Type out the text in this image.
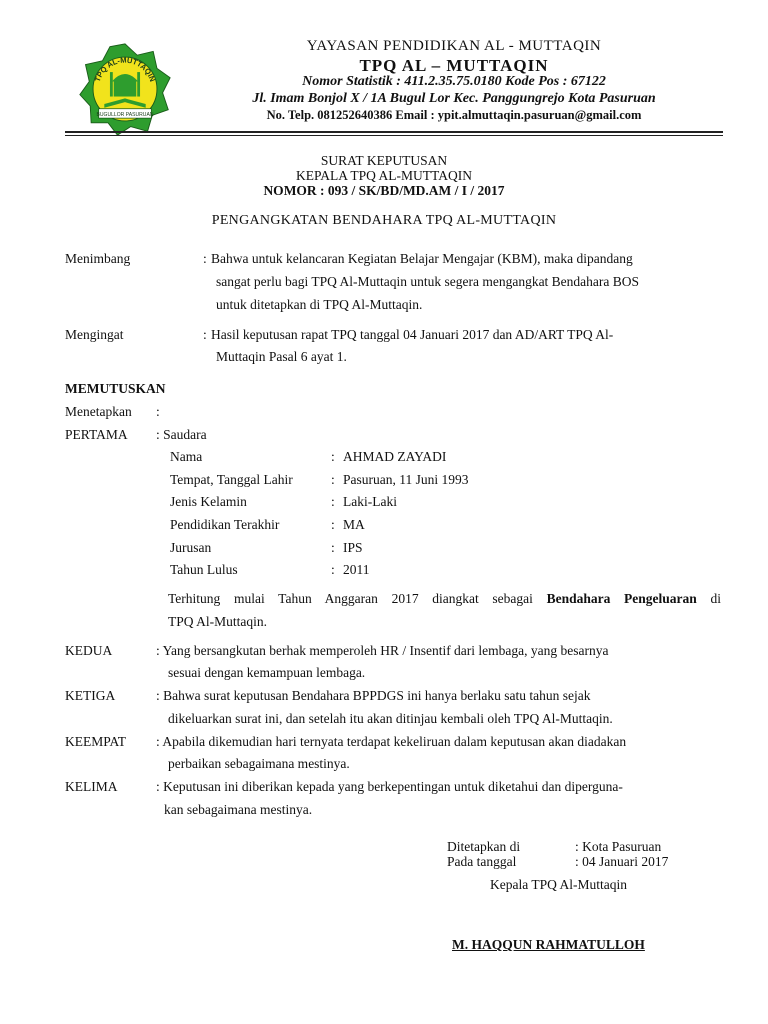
TPQ AL-MUTTAQIN
BUGULLOR PASURUAN
YAYASAN PENDIDIKAN AL - MUTTAQIN
TPQ AL – MUTTAQIN
Nomor Statistik : 411.2.35.75.0180 Kode Pos : 67122
Jl. Imam Bonjol X / 1A Bugul Lor Kec. Panggungrejo Kota Pasuruan
No. Telp. 081252640386 Email : ypit.almuttaqin.pasuruan@gmail.com
SURAT KEPUTUSAN
KEPALA TPQ AL-MUTTAQIN
NOMOR : 093 / SK/BD/MD.AM / I / 2017
PENGANGKATAN BENDAHARA TPQ AL-MUTTAQIN
Menimbang	: Bahwa untuk kelancaran Kegiatan Belajar Mengajar (KBM), maka dipandang
sangat perlu bagi TPQ Al-Muttaqin untuk segera mengangkat Bendahara BOS
untuk ditetapkan di TPQ Al-Muttaqin.
Mengingat	: Hasil keputusan rapat TPQ tanggal 04 Januari 2017 dan AD/ART TPQ Al-
Muttaqin Pasal 6 ayat 1.
MEMUTUSKAN
Menetapkan :
PERTAMA : Saudara
Nama	: AHMAD ZAYADI
Tempat, Tanggal Lahir	: Pasuruan, 11 Juni 1993
Jenis Kelamin	: Laki-Laki
Pendidikan Terakhir	: MA
Jurusan	: IPS
Tahun Lulus	: 2011
Terhitung mulai Tahun Anggaran 2017 diangkat sebagai Bendahara Pengeluaran di
TPQ Al-Muttaqin.
KEDUA	: Yang bersangkutan berhak memperoleh HR / Insentif dari lembaga, yang besarnya
sesuai dengan kemampuan lembaga.
KETIGA	: Bahwa surat keputusan Bendahara BPPDGS ini hanya berlaku satu tahun sejak
dikeluarkan surat ini, dan setelah itu akan ditinjau kembali oleh TPQ Al-Muttaqin.
KEEMPAT : Apabila dikemudian hari ternyata terdapat kekeliruan dalam keputusan akan diadakan
perbaikan sebagaimana mestinya.
KELIMA	: Keputusan ini diberikan kepada yang berkepentingan untuk diketahui dan diperguna-
kan sebagaimana mestinya.
Ditetapkan di	: Kota Pasuruan
Pada tanggal	: 04 Januari 2017
Kepala TPQ Al-Muttaqin
M. HAQQUN RAHMATULLOH
